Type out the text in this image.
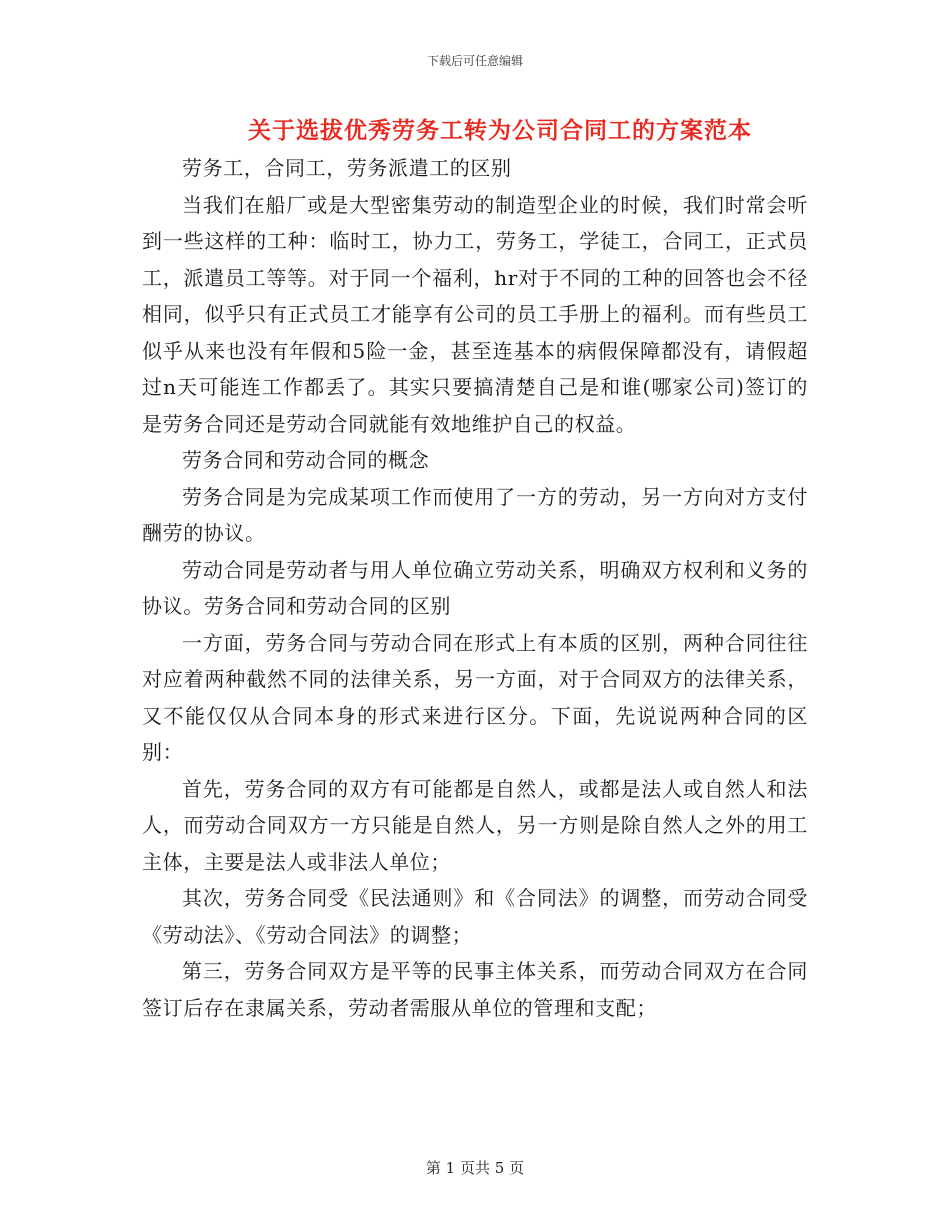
下载后可任意编辑
关于选拔优秀劳务工转为公司合同工的方案范本

劳务工，合同工，劳务派遣工的区别

当我们在船厂或是大型密集劳动的制造型企业的时候，我们时常会听到一些这样的工种：临时工，协力工，劳务工，学徒工，合同工，正式员工，派遣员工等等。对于同一个福利，hr对于不同的工种的回答也会不径相同，似乎只有正式员工才能享有公司的员工手册上的福利。而有些员工似乎从来也没有年假和5险一金，甚至连基本的病假保障都没有，请假超过n天可能连工作都丢了。其实只要搞清楚自己是和谁(哪家公司)签订的是劳务合同还是劳动合同就能有效地维护自己的权益。

劳务合同和劳动合同的概念

劳务合同是为完成某项工作而使用了一方的劳动，另一方向对方支付酬劳的协议。

劳动合同是劳动者与用人单位确立劳动关系，明确双方权利和义务的协议。劳务合同和劳动合同的区别

一方面，劳务合同与劳动合同在形式上有本质的区别，两种合同往往对应着两种截然不同的法律关系，另一方面，对于合同双方的法律关系，又不能仅仅从合同本身的形式来进行区分。下面，先说说两种合同的区别：

首先，劳务合同的双方有可能都是自然人，或都是法人或自然人和法人，而劳动合同双方一方只能是自然人，另一方则是除自然人之外的用工主体，主要是法人或非法人单位；

其次，劳务合同受《民法通则》和《合同法》的调整，而劳动合同受《劳动法》、《劳动合同法》的调整；

第三，劳务合同双方是平等的民事主体关系，而劳动合同双方在合同签订后存在隶属关系，劳动者需服从单位的管理和支配；

第 1 页共 5 页
